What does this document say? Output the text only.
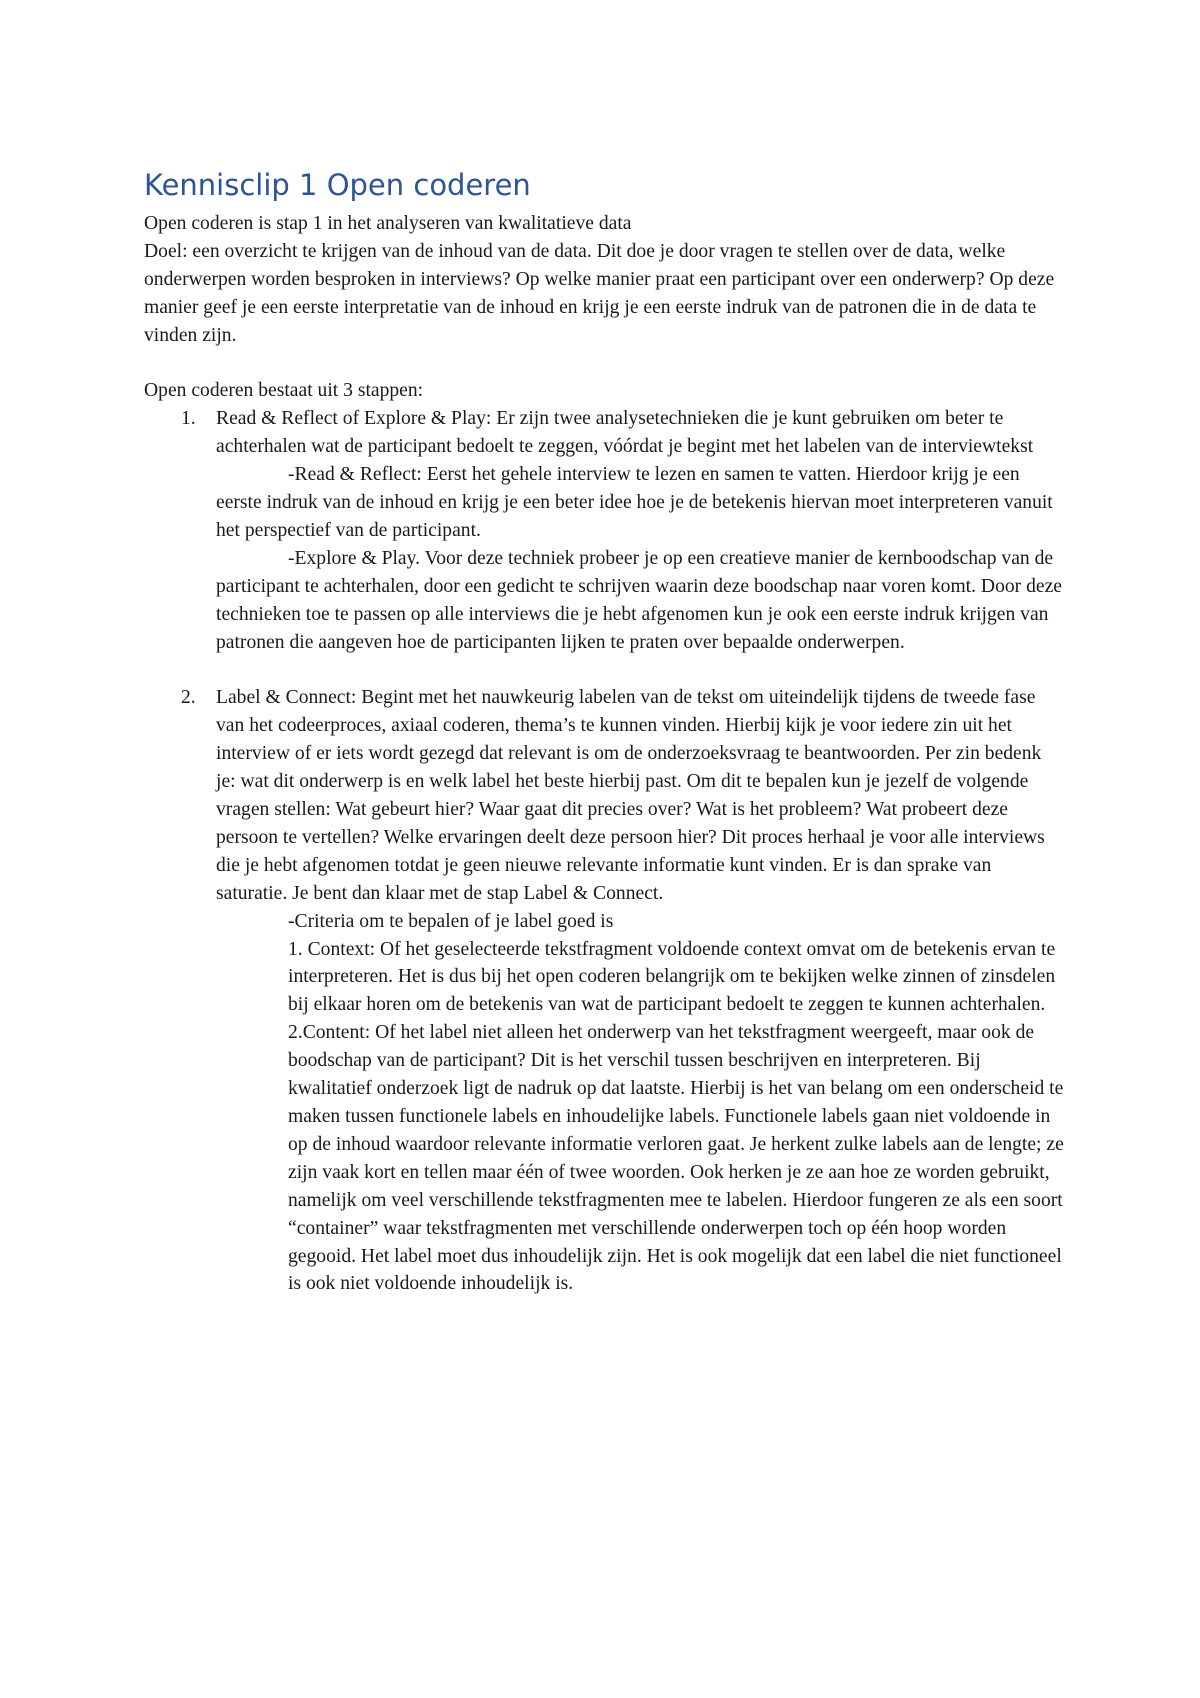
Kennisclip 1 Open coderen

Open coderen is stap 1 in het analyseren van kwalitatieve data

Doel: een overzicht te krijgen van de inhoud van de data. Dit doe je door vragen te stellen over de data, welke onderwerpen worden besproken in interviews? Op welke manier praat een participant over een onderwerp? Op deze manier geef je een eerste interpretatie van de inhoud en krijg je een eerste indruk van de patronen die in de data te vinden zijn.

Open coderen bestaat uit 3 stappen:

1. Read & Reflect of Explore & Play: Er zijn twee analysetechnieken die je kunt gebruiken om beter te achterhalen wat de participant bedoelt te zeggen, vóórdat je begint met het labelen van de interviewtekst

-Read & Reflect: Eerst het gehele interview te lezen en samen te vatten. Hierdoor krijg je een eerste indruk van de inhoud en krijg je een beter idee hoe je de betekenis hiervan moet interpreteren vanuit het perspectief van de participant.

-Explore & Play. Voor deze techniek probeer je op een creatieve manier de kernboodschap van de participant te achterhalen, door een gedicht te schrijven waarin deze boodschap naar voren komt. Door deze technieken toe te passen op alle interviews die je hebt afgenomen kun je ook een eerste indruk krijgen van patronen die aangeven hoe de participanten lijken te praten over bepaalde onderwerpen.

2. Label & Connect: Begint met het nauwkeurig labelen van de tekst om uiteindelijk tijdens de tweede fase van het codeerproces, axiaal coderen, thema’s te kunnen vinden. Hierbij kijk je voor iedere zin uit het interview of er iets wordt gezegd dat relevant is om de onderzoeksvraag te beantwoorden. Per zin bedenk je: wat dit onderwerp is en welk label het beste hierbij past. Om dit te bepalen kun je jezelf de volgende vragen stellen: Wat gebeurt hier? Waar gaat dit precies over? Wat is het probleem? Wat probeert deze persoon te vertellen? Welke ervaringen deelt deze persoon hier? Dit proces herhaal je voor alle interviews die je hebt afgenomen totdat je geen nieuwe relevante informatie kunt vinden. Er is dan sprake van saturatie. Je bent dan klaar met de stap Label & Connect.

-Criteria om te bepalen of je label goed is

1. Context: Of het geselecteerde tekstfragment voldoende context omvat om de betekenis ervan te interpreteren. Het is dus bij het open coderen belangrijk om te bekijken welke zinnen of zinsdelen bij elkaar horen om de betekenis van wat de participant bedoelt te zeggen te kunnen achterhalen.

2.Content: Of het label niet alleen het onderwerp van het tekstfragment weergeeft, maar ook de boodschap van de participant? Dit is het verschil tussen beschrijven en interpreteren. Bij kwalitatief onderzoek ligt de nadruk op dat laatste. Hierbij is het van belang om een onderscheid te maken tussen functionele labels en inhoudelijke labels. Functionele labels gaan niet voldoende in op de inhoud waardoor relevante informatie verloren gaat. Je herkent zulke labels aan de lengte; ze zijn vaak kort en tellen maar één of twee woorden. Ook herken je ze aan hoe ze worden gebruikt, namelijk om veel verschillende tekstfragmenten mee te labelen. Hierdoor fungeren ze als een soort “container” waar tekstfragmenten met verschillende onderwerpen toch op één hoop worden gegooid. Het label moet dus inhoudelijk zijn. Het is ook mogelijk dat een label die niet functioneel is ook niet voldoende inhoudelijk is.
